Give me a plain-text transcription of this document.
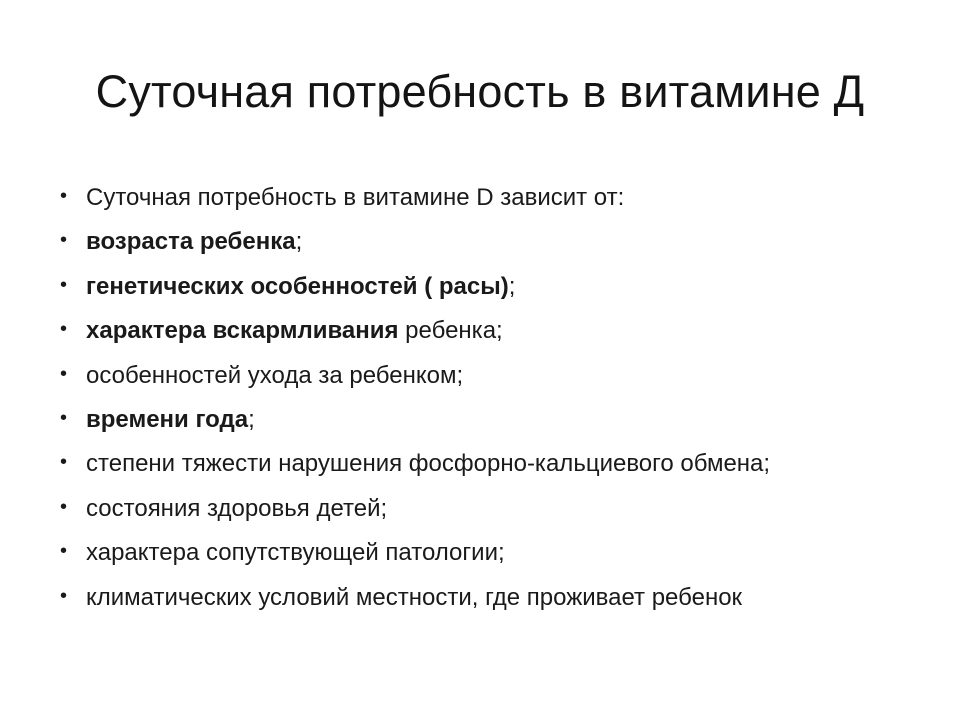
Суточная потребность в витамине Д
• Суточная потребность в витамине D зависит от:
• возраста ребенка;
• генетических особенностей ( расы);
• характера вскармливания ребенка;
• особенностей ухода за ребенком;
• времени года;
• степени тяжести нарушения фосфорно-кальциевого обмена;
• состояния здоровья детей;
• характера сопутствующей патологии;
• климатических условий местности, где проживает ребенок
